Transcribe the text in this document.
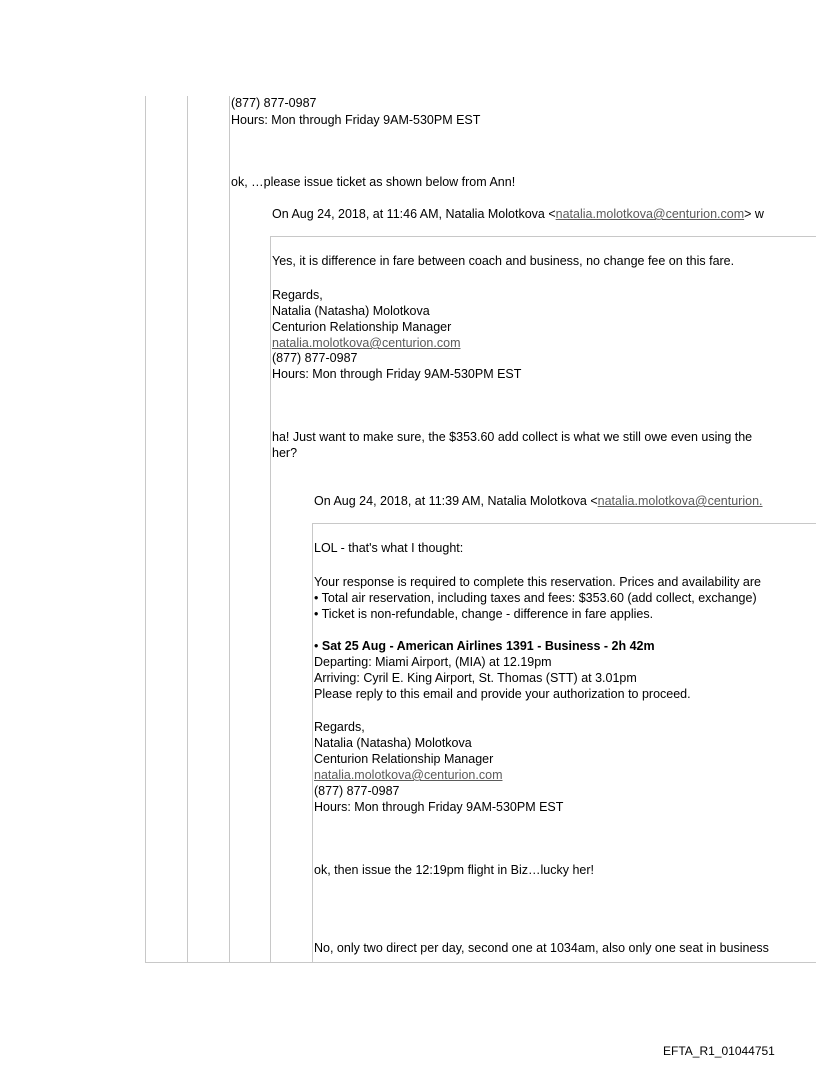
(877) 877-0987
Hours: Mon through Friday 9AM-530PM EST
ok, …please issue ticket as shown below from Ann!
On Aug 24, 2018, at 11:46 AM, Natalia Molotkova <natalia.molotkova@centurion.com> w
Yes, it is difference in fare between coach and business, no change fee on this fare.
Regards,
Natalia (Natasha) Molotkova
Centurion Relationship Manager
natalia.molotkova@centurion.com
(877) 877-0987
Hours: Mon through Friday 9AM-530PM EST
ha! Just want to make sure, the $353.60 add collect is what we still owe even using the
her?
On Aug 24, 2018, at 11:39 AM, Natalia Molotkova <natalia.molotkova@centurion.
LOL - that's what I thought:
Your response is required to complete this reservation. Prices and availability are
• Total air reservation, including taxes and fees: $353.60 (add collect, exchange)
• Ticket is non-refundable, change - difference in fare applies.
• Sat 25 Aug - American Airlines 1391 - Business - 2h 42m
Departing: Miami Airport, (MIA) at 12.19pm
Arriving: Cyril E. King Airport, St. Thomas (STT) at 3.01pm
Please reply to this email and provide your authorization to proceed.
Regards,
Natalia (Natasha) Molotkova
Centurion Relationship Manager
natalia.molotkova@centurion.com
(877) 877-0987
Hours: Mon through Friday 9AM-530PM EST
ok, then issue the 12:19pm flight in Biz…lucky her!
No, only two direct per day, second one at 1034am, also only one seat in business
EFTA_R1_01044751
